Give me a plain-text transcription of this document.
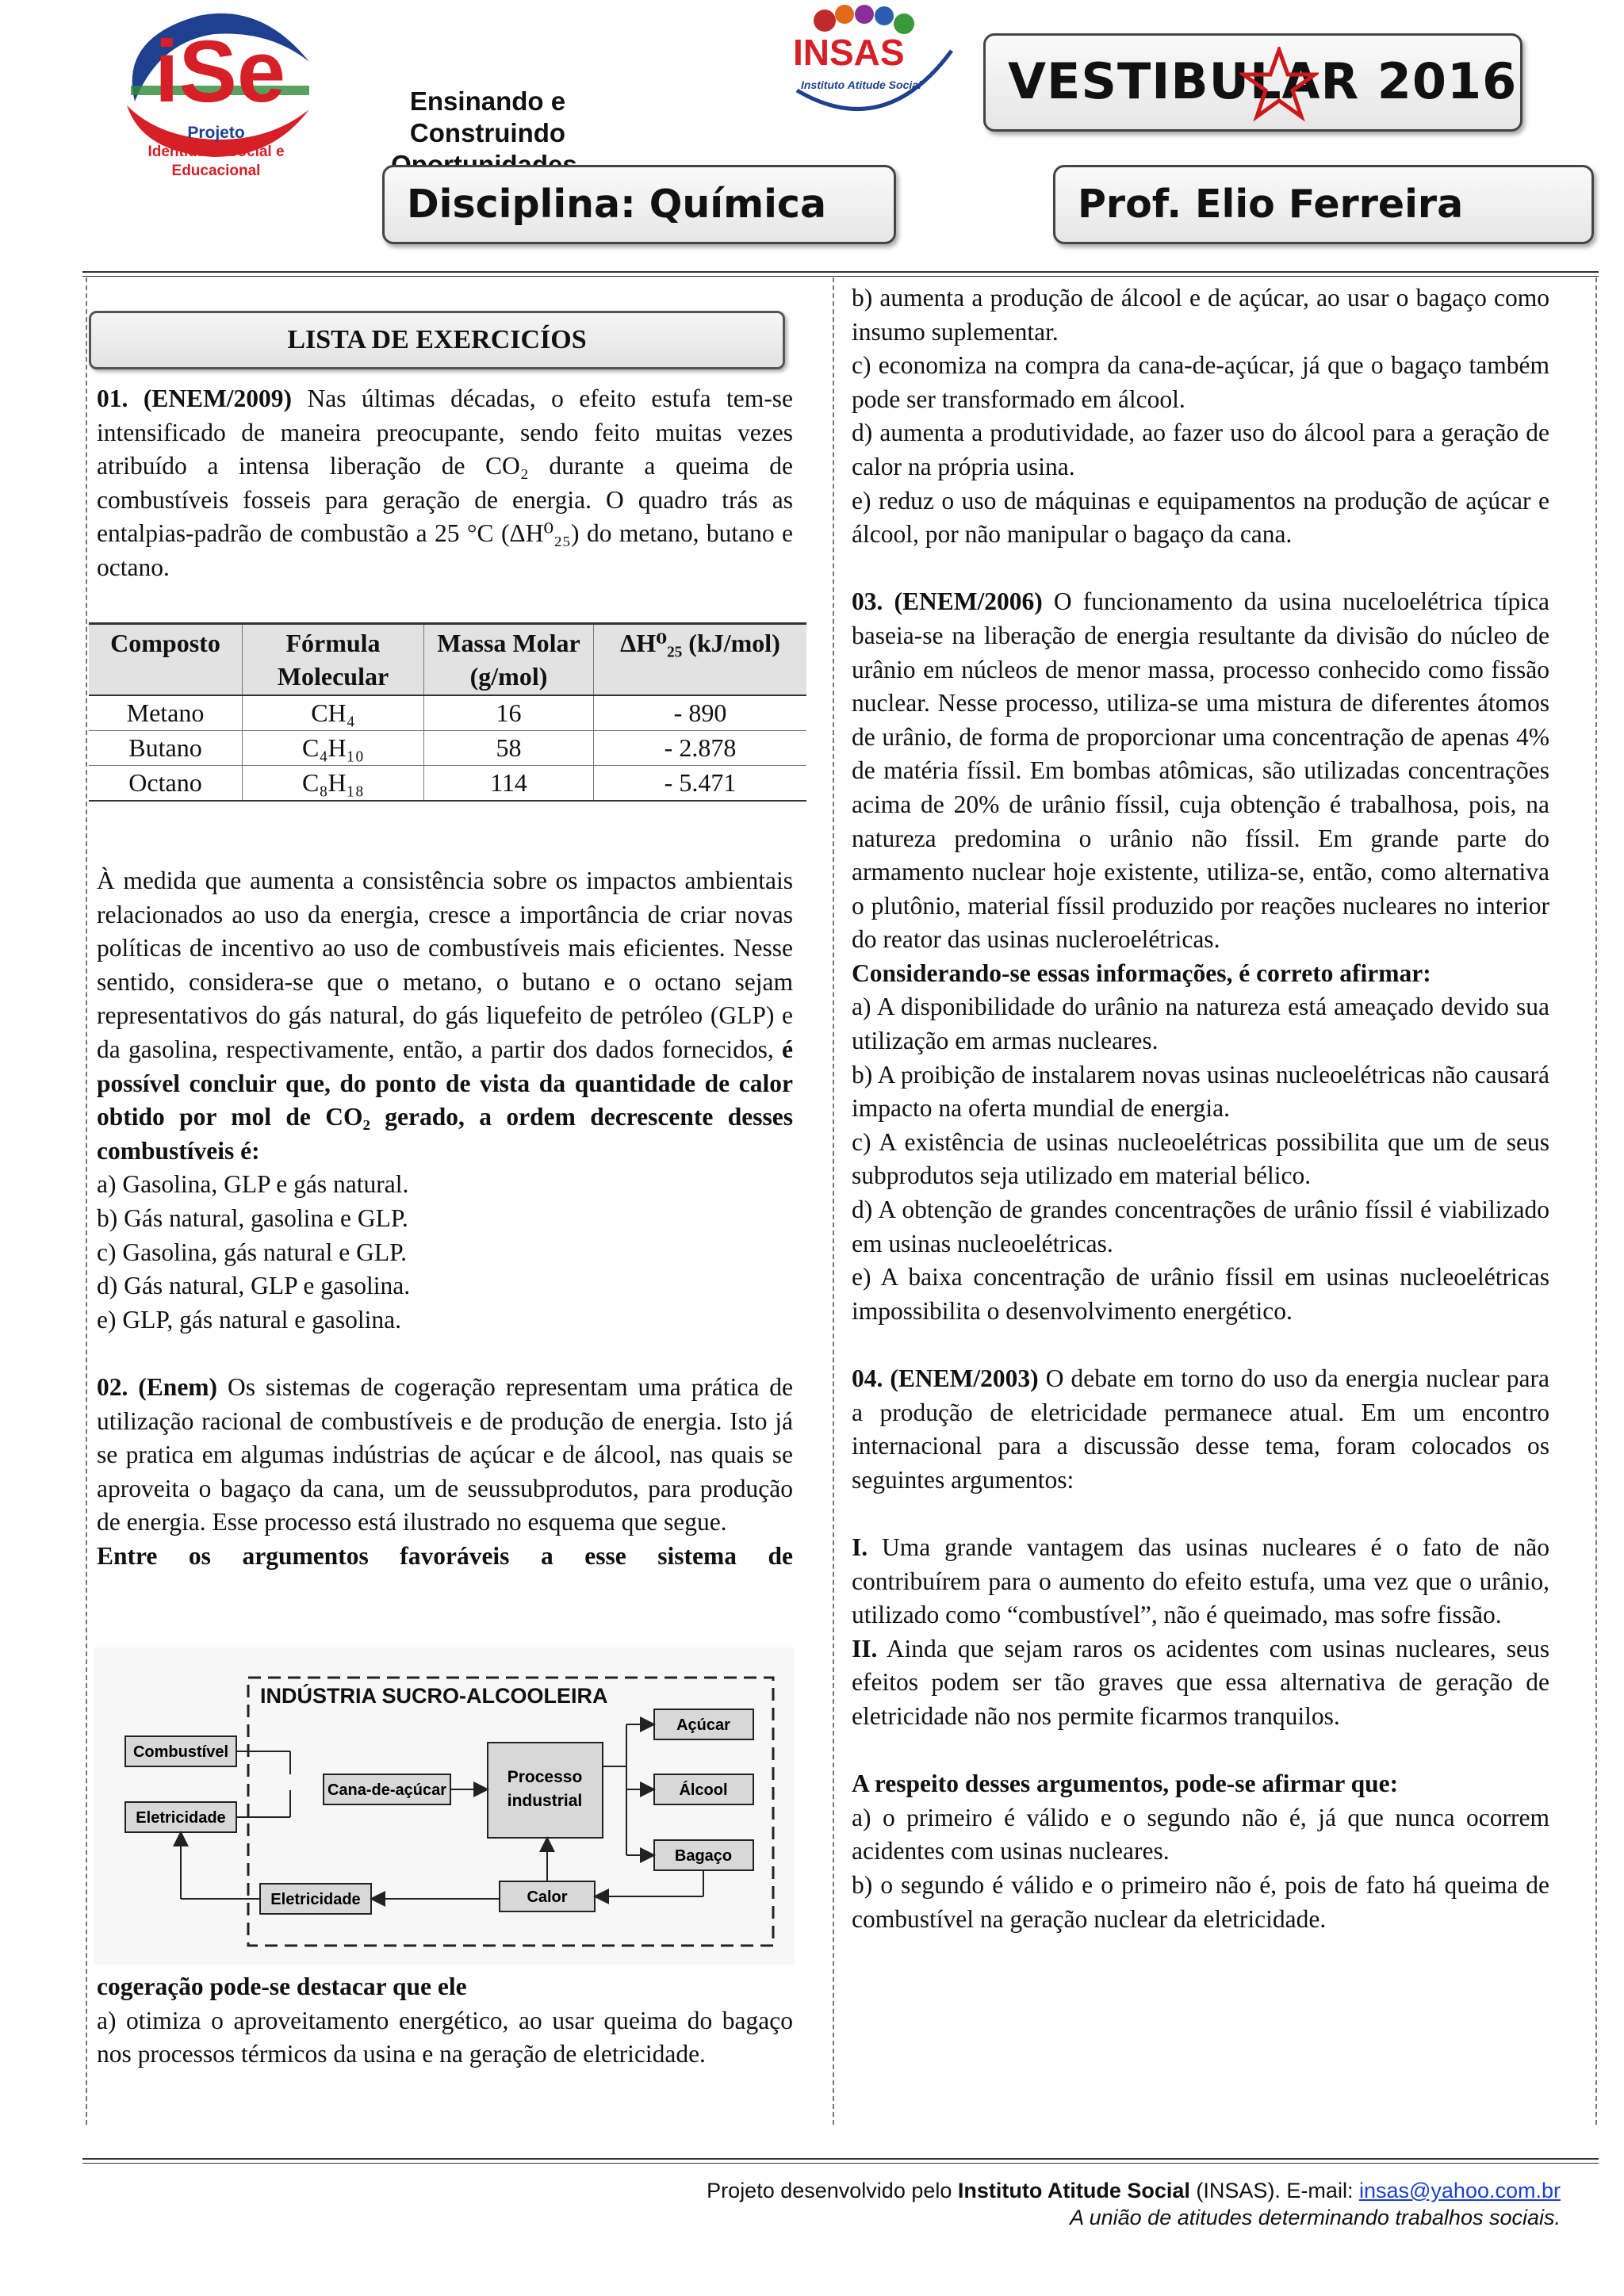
iSe
Projeto
Identidade Social e Educacional
Ensinando e Construindo
INSAS
Instituto Atitude Social VESTIBULAR 2016
Disciplina: Química	Prof. Elio Ferreira
LISTA DE EXERCICÍOS

01. (ENEM/2009) Nas últimas décadas, o efeito estufa tem-se intensificado de maneira preocupante, sendo feito muitas vezes atribuído a intensa liberação de CO₂ durante a queima de combustíveis fosseis para geração de energia. O quadro trás as entalpias-padrão de combustão a 25 °C (ΔH⁰₂₅) do metano, butano e octano.

Composto	Fórmula Molecular	Massa Molar (g/mol)	ΔH⁰₂₅ (kJ/mol)
Metano	CH₄	16	- 890
Butano	C₄H₁₀	58	- 2.878
Octano	C₈H₁₈	114	- 5.471

À medida que aumenta a consistência sobre os impactos ambientais relacionados ao uso da energia, cresce a importância de criar novas políticas de incentivo ao uso de combustíveis mais eficientes. Nesse sentido, considera-se que o metano, o butano e o octano sejam representativos do gás natural, do gás liquefeito de petróleo (GLP) e da gasolina, respectivamente, então, a partir dos dados fornecidos, é possível concluir que, do ponto de vista da quantidade de calor obtido por mol de CO₂ gerado, a ordem decrescente desses combustíveis é:

a) Gasolina, GLP e gás natural.

b) Gás natural, gasolina e GLP.

c) Gasolina, gás natural e GLP.

d) Gás natural, GLP e gasolina.

e) GLP, gás natural e gasolina.

02. (Enem) Os sistemas de cogeração representam uma prática de utilização racional de combustíveis e de produção de energia. Isto já se pratica em algumas indústrias de açúcar e de álcool, nas quais se aproveita o bagaço da cana, um de seussubprodutos, para produção de energia. Esse processo está ilustrado no esquema que segue.

Entre os argumentos favoráveis a esse sistema de

INDÚSTRIA SUCRO-ALCOOLEIRA
Combustível
Eletricidade
Cana-de-açúcar
Processo
industrial
Açúcar
Álcool
Bagaço
Calor
Eletricidade

cogeração pode-se destacar que ele

a) otimiza o aproveitamento energético, ao usar queima do bagaço nos processos térmicos da usina e na geração de eletricidade.

b) aumenta a produção de álcool e de açúcar, ao usar o bagaço como insumo suplementar.

c) economiza na compra da cana-de-açúcar, já que o bagaço também pode ser transformado em álcool.

d) aumenta a produtividade, ao fazer uso do álcool para a geração de calor na própria usina.

e) reduz o uso de máquinas e equipamentos na produção de açúcar e álcool, por não manipular o bagaço da cana.

03. (ENEM/2006) O funcionamento da usina nuceloelétrica típica baseia-se na liberação de energia resultante da divisão do núcleo de urânio em núcleos de menor massa, processo conhecido como fissão nuclear. Nesse processo, utiliza-se uma mistura de diferentes átomos de urânio, de forma de proporcionar uma concentração de apenas 4% de matéria físsil. Em bombas atômicas, são utilizadas concentrações acima de 20% de urânio físsil, cuja obtenção é trabalhosa, pois, na natureza predomina o urânio não físsil. Em grande parte do armamento nuclear hoje existente, utiliza-se, então, como alternativa o plutônio, material físsil produzido por reações nucleares no interior do reator das usinas nucleroelétricas.

Considerando-se essas informações, é correto afirmar:

a) A disponibilidade do urânio na natureza está ameaçado devido sua utilização em armas nucleares.

b) A proibição de instalarem novas usinas nucleoelétricas não causará impacto na oferta mundial de energia.

c) A existência de usinas nucleoelétricas possibilita que um de seus subprodutos seja utilizado em material bélico.

d) A obtenção de grandes concentrações de urânio físsil é viabilizado em usinas nucleoelétricas.

e) A baixa concentração de urânio físsil em usinas nucleoelétricas impossibilita o desenvolvimento energético.

04. (ENEM/2003) O debate em torno do uso da energia nuclear para a produção de eletricidade permanece atual. Em um encontro internacional para a discussão desse tema, foram colocados os seguintes argumentos:

I. Uma grande vantagem das usinas nucleares é o fato de não contribuírem para o aumento do efeito estufa, uma vez que o urânio, utilizado como “combustível”, não é queimado, mas sofre fissão.

II. Ainda que sejam raros os acidentes com usinas nucleares, seus efeitos podem ser tão graves que essa alternativa de geração de eletricidade não nos permite ficarmos tranquilos.

A respeito desses argumentos, pode-se afirmar que:

a) o primeiro é válido e o segundo não é, já que nunca ocorrem acidentes com usinas nucleares.

b) o segundo é válido e o primeiro não é, pois de fato há queima de combustível na geração nuclear da eletricidade.

Projeto desenvolvido pelo Instituto Atitude Social (INSAS). E-mail: insas@yahoo.com.br
A união de atitudes determinando trabalhos sociais.
